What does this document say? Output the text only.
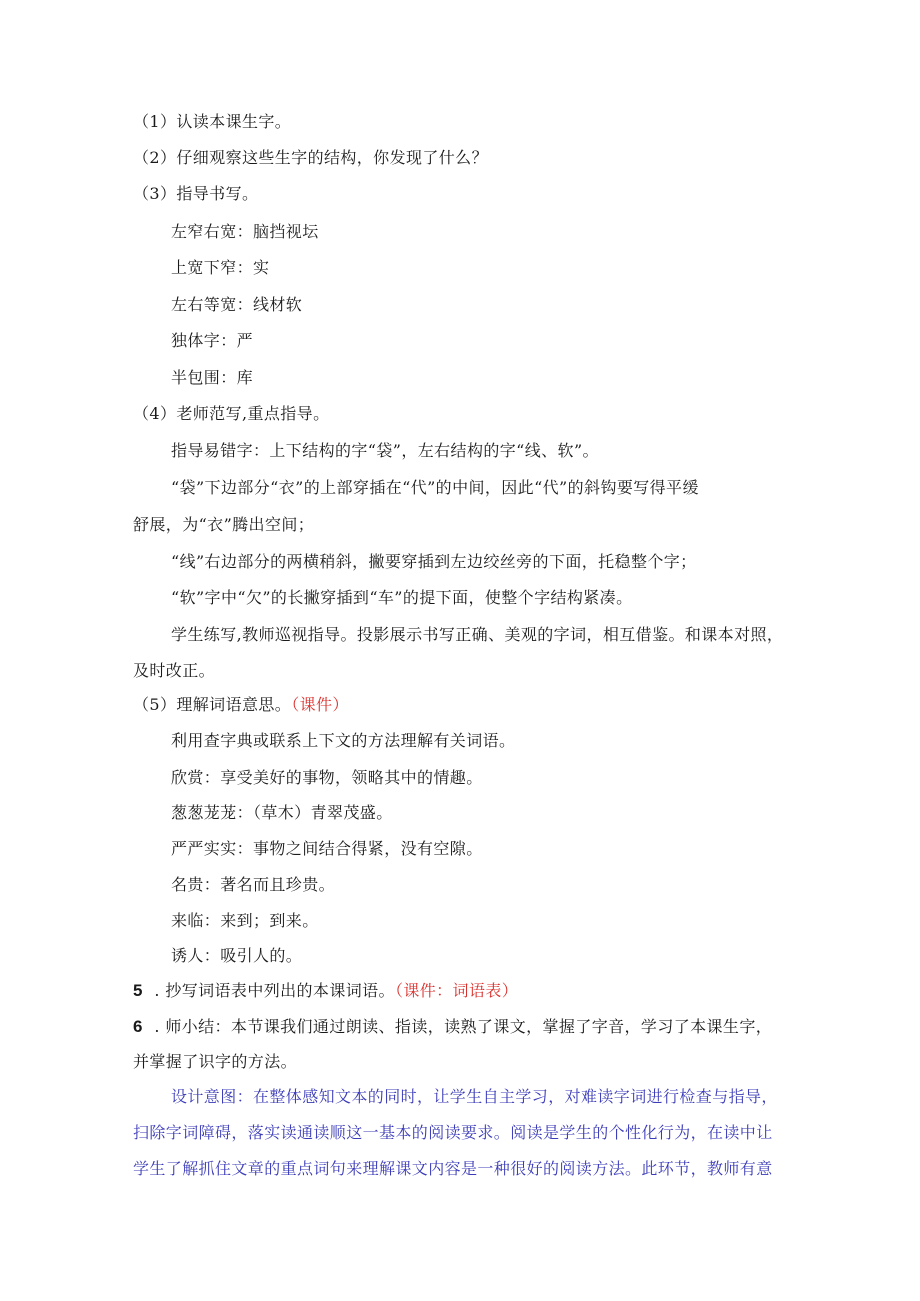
（1）认读本课生字。
（2）仔细观察这些生字的结构，你发现了什么？
（3）指导书写。
左窄右宽：脑挡视坛
上宽下窄：实
左右等宽：线材软
独体字：严
半包围：库
（4）老师范写,重点指导。
指导易错字：上下结构的字“袋”，左右结构的字“线、软”。
“袋”下边部分“衣”的上部穿插在“代”的中间，因此“代”的斜钩要写得平缓
舒展，为“衣”腾出空间；
“线”右边部分的两横稍斜，撇要穿插到左边绞丝旁的下面，托稳整个字；
“软”字中“欠”的长撇穿插到“车”的提下面，使整个字结构紧凑。
学生练写,教师巡视指导。投影展示书写正确、美观的字词，相互借鉴。和课本对照，
及时改正。
（5）理解词语意思。（课件）
利用查字典或联系上下文的方法理解有关词语。
欣赏：享受美好的事物，领略其中的情趣。
葱葱茏茏：（草木）青翠茂盛。
严严实实：事物之间结合得紧，没有空隙。
名贵：著名而且珍贵。
来临：来到；到来。
诱人：吸引人的。
5 . 抄写词语表中列出的本课词语。（课件：词语表）
6 . 师小结：本节课我们通过朗读、指读，读熟了课文，掌握了字音，学习了本课生字，
并掌握了识字的方法。
设计意图：在整体感知文本的同时，让学生自主学习，对难读字词进行检查与指导，
扫除字词障碍，落实读通读顺这一基本的阅读要求。阅读是学生的个性化行为，在读中让
学生了解抓住文章的重点词句来理解课文内容是一种很好的阅读方法。此环节，教师有意
